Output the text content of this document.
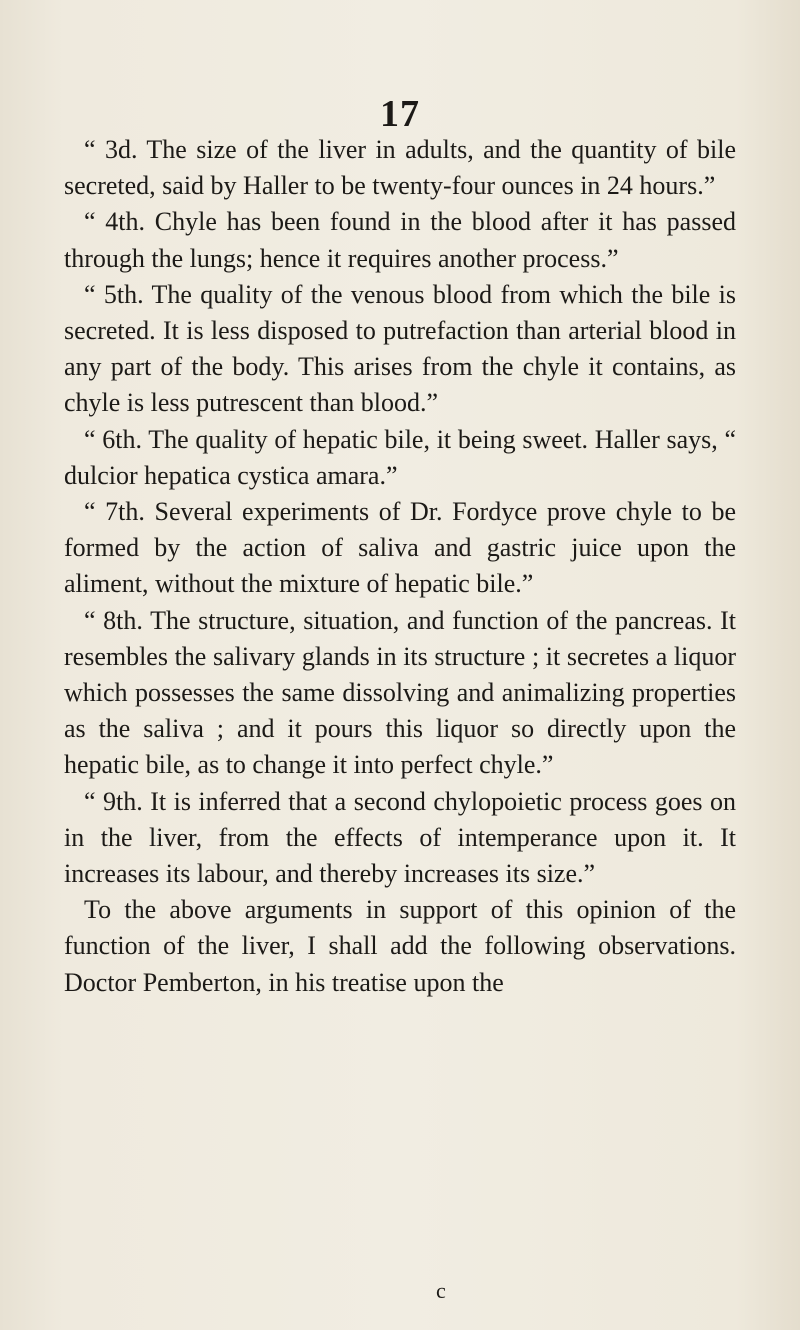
17

“ 3d. The size of the liver in adults, and the quantity of bile secreted, said by Haller to be twenty-four ounces in 24 hours.”

“ 4th. Chyle has been found in the blood after it has passed through the lungs; hence it requires another process.”

“ 5th. The quality of the venous blood from which the bile is secreted. It is less disposed to putrefaction than arterial blood in any part of the body. This arises from the chyle it contains, as chyle is less putrescent than blood.”

“ 6th. The quality of hepatic bile, it being sweet. Haller says, “ dulcior hepatica cystica amara.”

“ 7th. Several experiments of Dr. Fordyce prove chyle to be formed by the action of saliva and gastric juice upon the aliment, without the mixture of hepatic bile.”

“ 8th. The structure, situation, and function of the pancreas. It resembles the salivary glands in its structure ; it secretes a liquor which possesses the same dissolving and animalizing properties as the saliva ; and it pours this liquor so directly upon the hepatic bile, as to change it into perfect chyle.”

“ 9th. It is inferred that a second chylopoietic process goes on in the liver, from the effects of intemperance upon it. It increases its labour, and thereby increases its size.”

To the above arguments in support of this opinion of the function of the liver, I shall add the following observations. Doctor Pemberton, in his treatise upon the

c
